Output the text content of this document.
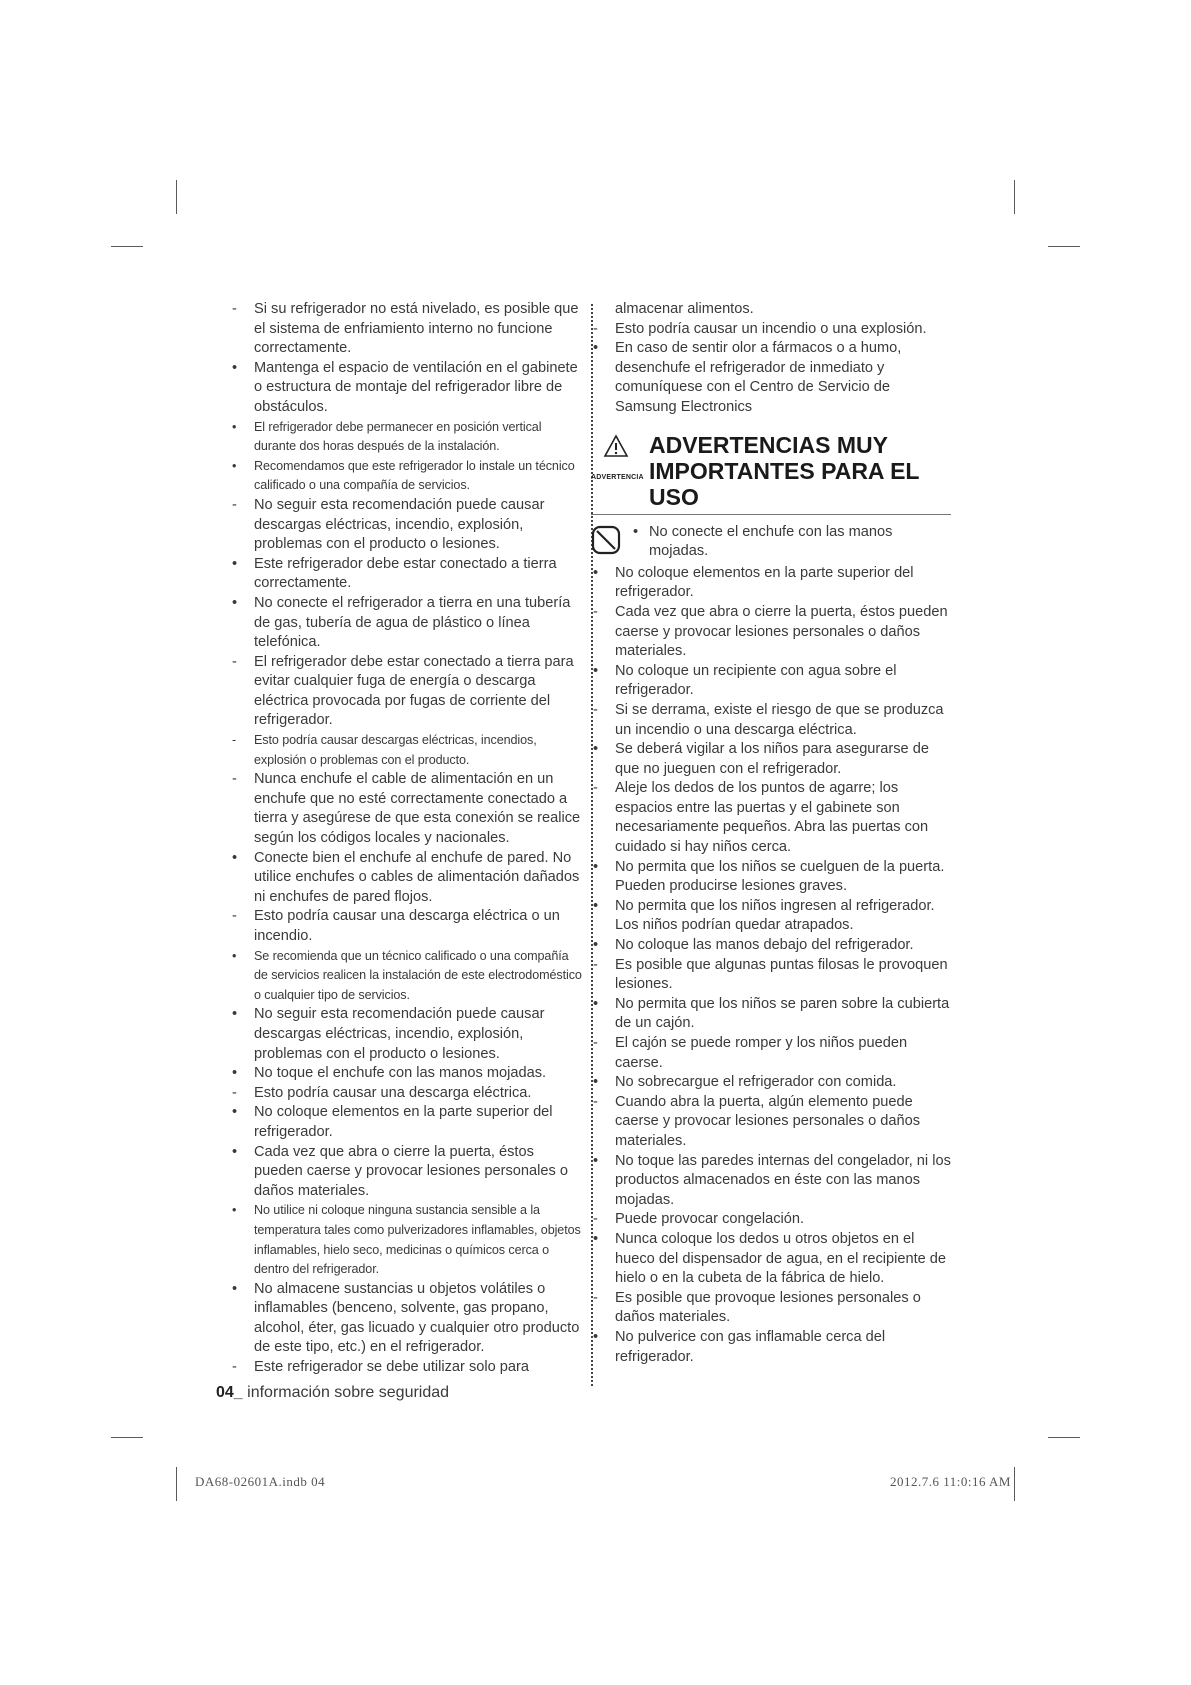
-	Si su refrigerador no está nivelado, es posible que el sistema de enfriamiento interno no funcione correctamente.
•	Mantenga el espacio de ventilación en el gabinete o estructura de montaje del refrigerador libre de obstáculos.
•	El refrigerador debe permanecer en posición vertical durante dos horas después de la instalación.
•	Recomendamos que este refrigerador lo instale un técnico calificado o una compañía de servicios.
-	No seguir esta recomendación puede causar descargas eléctricas, incendio, explosión, problemas con el producto o lesiones.
•	Este refrigerador debe estar conectado a tierra correctamente.
•	No conecte el refrigerador a tierra en una tubería de gas, tubería de agua de plástico o línea telefónica.
-	El refrigerador debe estar conectado a tierra para evitar cualquier fuga de energía o descarga eléctrica provocada por fugas de corriente del refrigerador.
-	Esto podría causar descargas eléctricas, incendios, explosión o problemas con el producto.
-	Nunca enchufe el cable de alimentación en un enchufe que no esté correctamente conectado a tierra y asegúrese de que esta conexión se realice según los códigos locales y nacionales.
•	Conecte bien el enchufe al enchufe de pared. No utilice enchufes o cables de alimentación dañados ni enchufes de pared flojos.
-	Esto podría causar una descarga eléctrica o un incendio.
•	Se recomienda que un técnico calificado o una compañía de servicios realicen la instalación de este electrodoméstico o cualquier tipo de servicios.
•	No seguir esta recomendación puede causar descargas eléctricas, incendio, explosión, problemas con el producto o lesiones.
•	No toque el enchufe con las manos mojadas.
-	Esto podría causar una descarga eléctrica.
•	No coloque elementos en la parte superior del refrigerador.
•	Cada vez que abra o cierre la puerta, éstos pueden caerse y provocar lesiones personales o daños materiales.
•	No utilice ni coloque ninguna sustancia sensible a la temperatura tales como pulverizadores inflamables, objetos inflamables, hielo seco, medicinas o químicos cerca o dentro del refrigerador.
•	No almacene sustancias u objetos volátiles o inflamables (benceno, solvente, gas propano, alcohol, éter, gas licuado y cualquier otro producto de este tipo, etc.) en el refrigerador.
-	Este refrigerador se debe utilizar solo para
almacenar alimentos.
-	Esto podría causar un incendio o una explosión.
•	En caso de sentir olor a fármacos o a humo, desenchufe el refrigerador de inmediato y comuníquese con el Centro de Servicio de Samsung Electronics
ADVERTENCIA
ADVERTENCIAS MUY
IMPORTANTES PARA EL USO
• No conecte el enchufe con las manos mojadas.
•	No coloque elementos en la parte superior del refrigerador.
-	Cada vez que abra o cierre la puerta, éstos pueden caerse y provocar lesiones personales o daños materiales.
•	No coloque un recipiente con agua sobre el refrigerador.
-	Si se derrama, existe el riesgo de que se produzca un incendio o una descarga eléctrica.
•	Se deberá vigilar a los niños para asegurarse de que no jueguen con el refrigerador.
-	Aleje los dedos de los puntos de agarre; los espacios entre las puertas y el gabinete son necesariamente pequeños. Abra las puertas con cuidado si hay niños cerca.
•	No permita que los niños se cuelguen de la puerta. Pueden producirse lesiones graves.
•	No permita que los niños ingresen al refrigerador. Los niños podrían quedar atrapados.
•	No coloque las manos debajo del refrigerador.
-	Es posible que algunas puntas filosas le provoquen lesiones.
•	No permita que los niños se paren sobre la cubierta de un cajón.
-	El cajón se puede romper y los niños pueden caerse.
•	No sobrecargue el refrigerador con comida.
-	Cuando abra la puerta, algún elemento puede caerse y provocar lesiones personales o daños materiales.
•	No toque las paredes internas del congelador, ni los productos almacenados en éste con las manos mojadas.
-	Puede provocar congelación.
•	Nunca coloque los dedos u otros objetos en el hueco del dispensador de agua, en el recipiente de hielo o en la cubeta de la fábrica de hielo.
-	Es posible que provoque lesiones personales o daños materiales.
•	No pulverice con gas inflamable cerca del refrigerador.
04_ información sobre seguridad
DA68-02601A.indb 04	2012.7.6 11:0:16 AM
